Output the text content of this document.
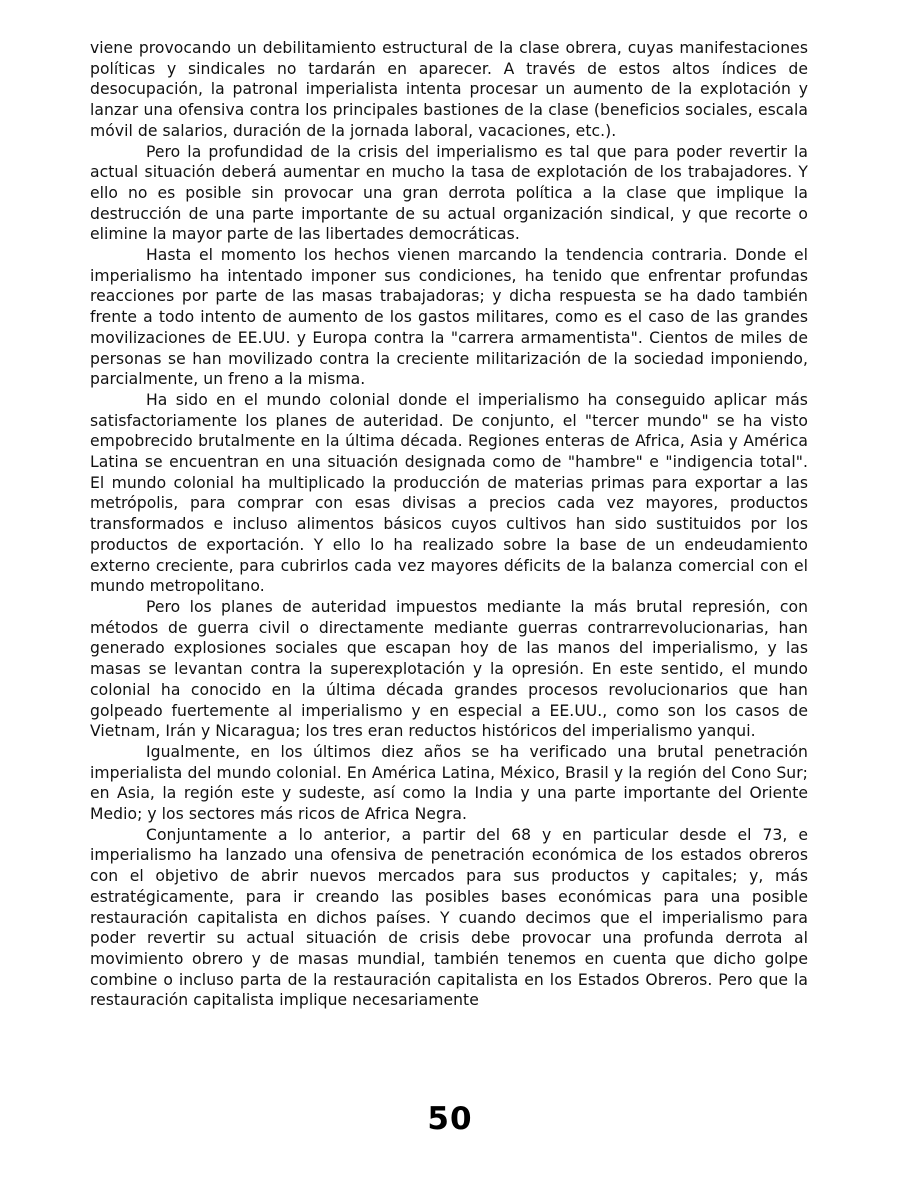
viene provocando un debilitamiento estructural de la clase obrera, cuyas manifestaciones políticas y sindicales no tardarán en aparecer. A través de estos altos índices de desocupación, la patronal imperialista intenta procesar un aumento de la explotación y lanzar una ofensiva contra los principales bastiones de la clase (beneficios sociales, escala móvil de salarios, duración de la jornada laboral, vacaciones, etc.).

Pero la profundidad de la crisis del imperialismo es tal que para poder revertir la actual situación deberá aumentar en mucho la tasa de explotación de los trabajadores. Y ello no es posible sin provocar una gran derrota política a la clase que implique la destrucción de una parte importante de su actual organización sindical, y que recorte o elimine la mayor parte de las libertades democráticas.

Hasta el momento los hechos vienen marcando la tendencia contraria. Donde el imperialismo ha intentado imponer sus condiciones, ha tenido que enfrentar profundas reacciones por parte de las masas trabajadoras; y dicha respuesta se ha dado también frente a todo intento de aumento de los gastos militares, como es el caso de las grandes movilizaciones de EE.UU. y Europa contra la "carrera armamentista". Cientos de miles de personas se han movilizado contra la creciente militarización de la sociedad imponiendo, parcialmente, un freno a la misma.

Ha sido en el mundo colonial donde el imperialismo ha conseguido aplicar más satisfactoriamente los planes de auteridad. De conjunto, el "tercer mundo" se ha visto empobrecido brutalmente en la última década. Regiones enteras de Africa, Asia y América Latina se encuentran en una situación designada como de "hambre" e "indigencia total". El mundo colonial ha multiplicado la producción de materias primas para exportar a las metrópolis, para comprar con esas divisas a precios cada vez mayores, productos transformados e incluso alimentos básicos cuyos cultivos han sido sustituidos por los productos de exportación. Y ello lo ha realizado sobre la base de un endeudamiento externo creciente, para cubrirlos cada vez mayores déficits de la balanza comercial con el mundo metropolitano.

Pero los planes de auteridad impuestos mediante la más brutal represión, con métodos de guerra civil o directamente mediante guerras contrarrevolucionarias, han generado explosiones sociales que escapan hoy de las manos del imperialismo, y las masas se levantan contra la superexplotación y la opresión. En este sentido, el mundo colonial ha conocido en la última década grandes procesos revolucionarios que han golpeado fuertemente al imperialismo y en especial a EE.UU., como son los casos de Vietnam, Irán y Nicaragua; los tres eran reductos históricos del imperialismo yanqui.

Igualmente, en los últimos diez años se ha verificado una brutal penetración imperialista del mundo colonial. En América Latina, México, Brasil y la región del Cono Sur; en Asia, la región este y sudeste, así como la India y una parte importante del Oriente Medio; y los sectores más ricos de Africa Negra.

Conjuntamente a lo anterior, a partir del 68 y en particular desde el 73, e imperialismo ha lanzado una ofensiva de penetración económica de los estados obreros con el objetivo de abrir nuevos mercados para sus productos y capitales; y, más estratégicamente, para ir creando las posibles bases económicas para una posible restauración capitalista en dichos países. Y cuando decimos que el imperialismo para poder revertir su actual situación de crisis debe provocar una profunda derrota al movimiento obrero y de masas mundial, también tenemos en cuenta que dicho golpe combine o incluso parta de la restauración capitalista en los Estados Obreros. Pero que la restauración capitalista implique necesariamente

50
